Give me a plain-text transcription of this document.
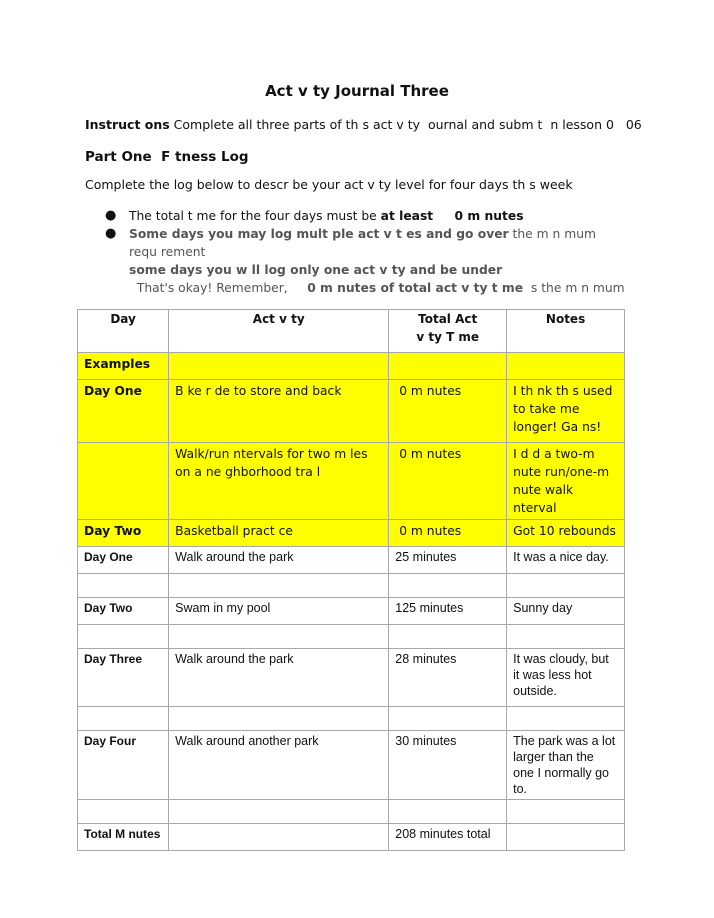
Act v ty Journal Three
Instruct ons Complete all three parts of th s act v ty  ournal and subm t  n lesson 0   06
Part One  F tness Log
Complete the log below to descr be your act v ty level for four days th s week
● The total t me for the four days must be at least     0 m nutes
● Some days you may log mult ple act v t es and go over the m n mum requ rement
some days you w ll log only one act v ty and be under  That's okay! Remember,     0 m nutes of total act v ty t me  s the m n mum
Day	Act v ty	Total Act v ty T me	Notes
Examples			
Day One	B ke r de to store and back	0 m nutes	I th nk th s used to take me longer! Ga ns!
	Walk/run ntervals for two m les on a ne ghborhood tra l	0 m nutes	I d d a two-m nute run/one-m nute walk nterval
Day Two	Basketball pract ce	0 m nutes	Got 10 rebounds
Day One	Walk around the park	25 minutes	It was a nice day.

Day Two	Swam in my pool	125 minutes	Sunny day

Day Three	Walk around the park	28 minutes	It was cloudy, but it was less hot outside.

Day Four	Walk around another park	30 minutes	The park was a lot larger than the one I normally go to.

Total M nutes		208 minutes total	
